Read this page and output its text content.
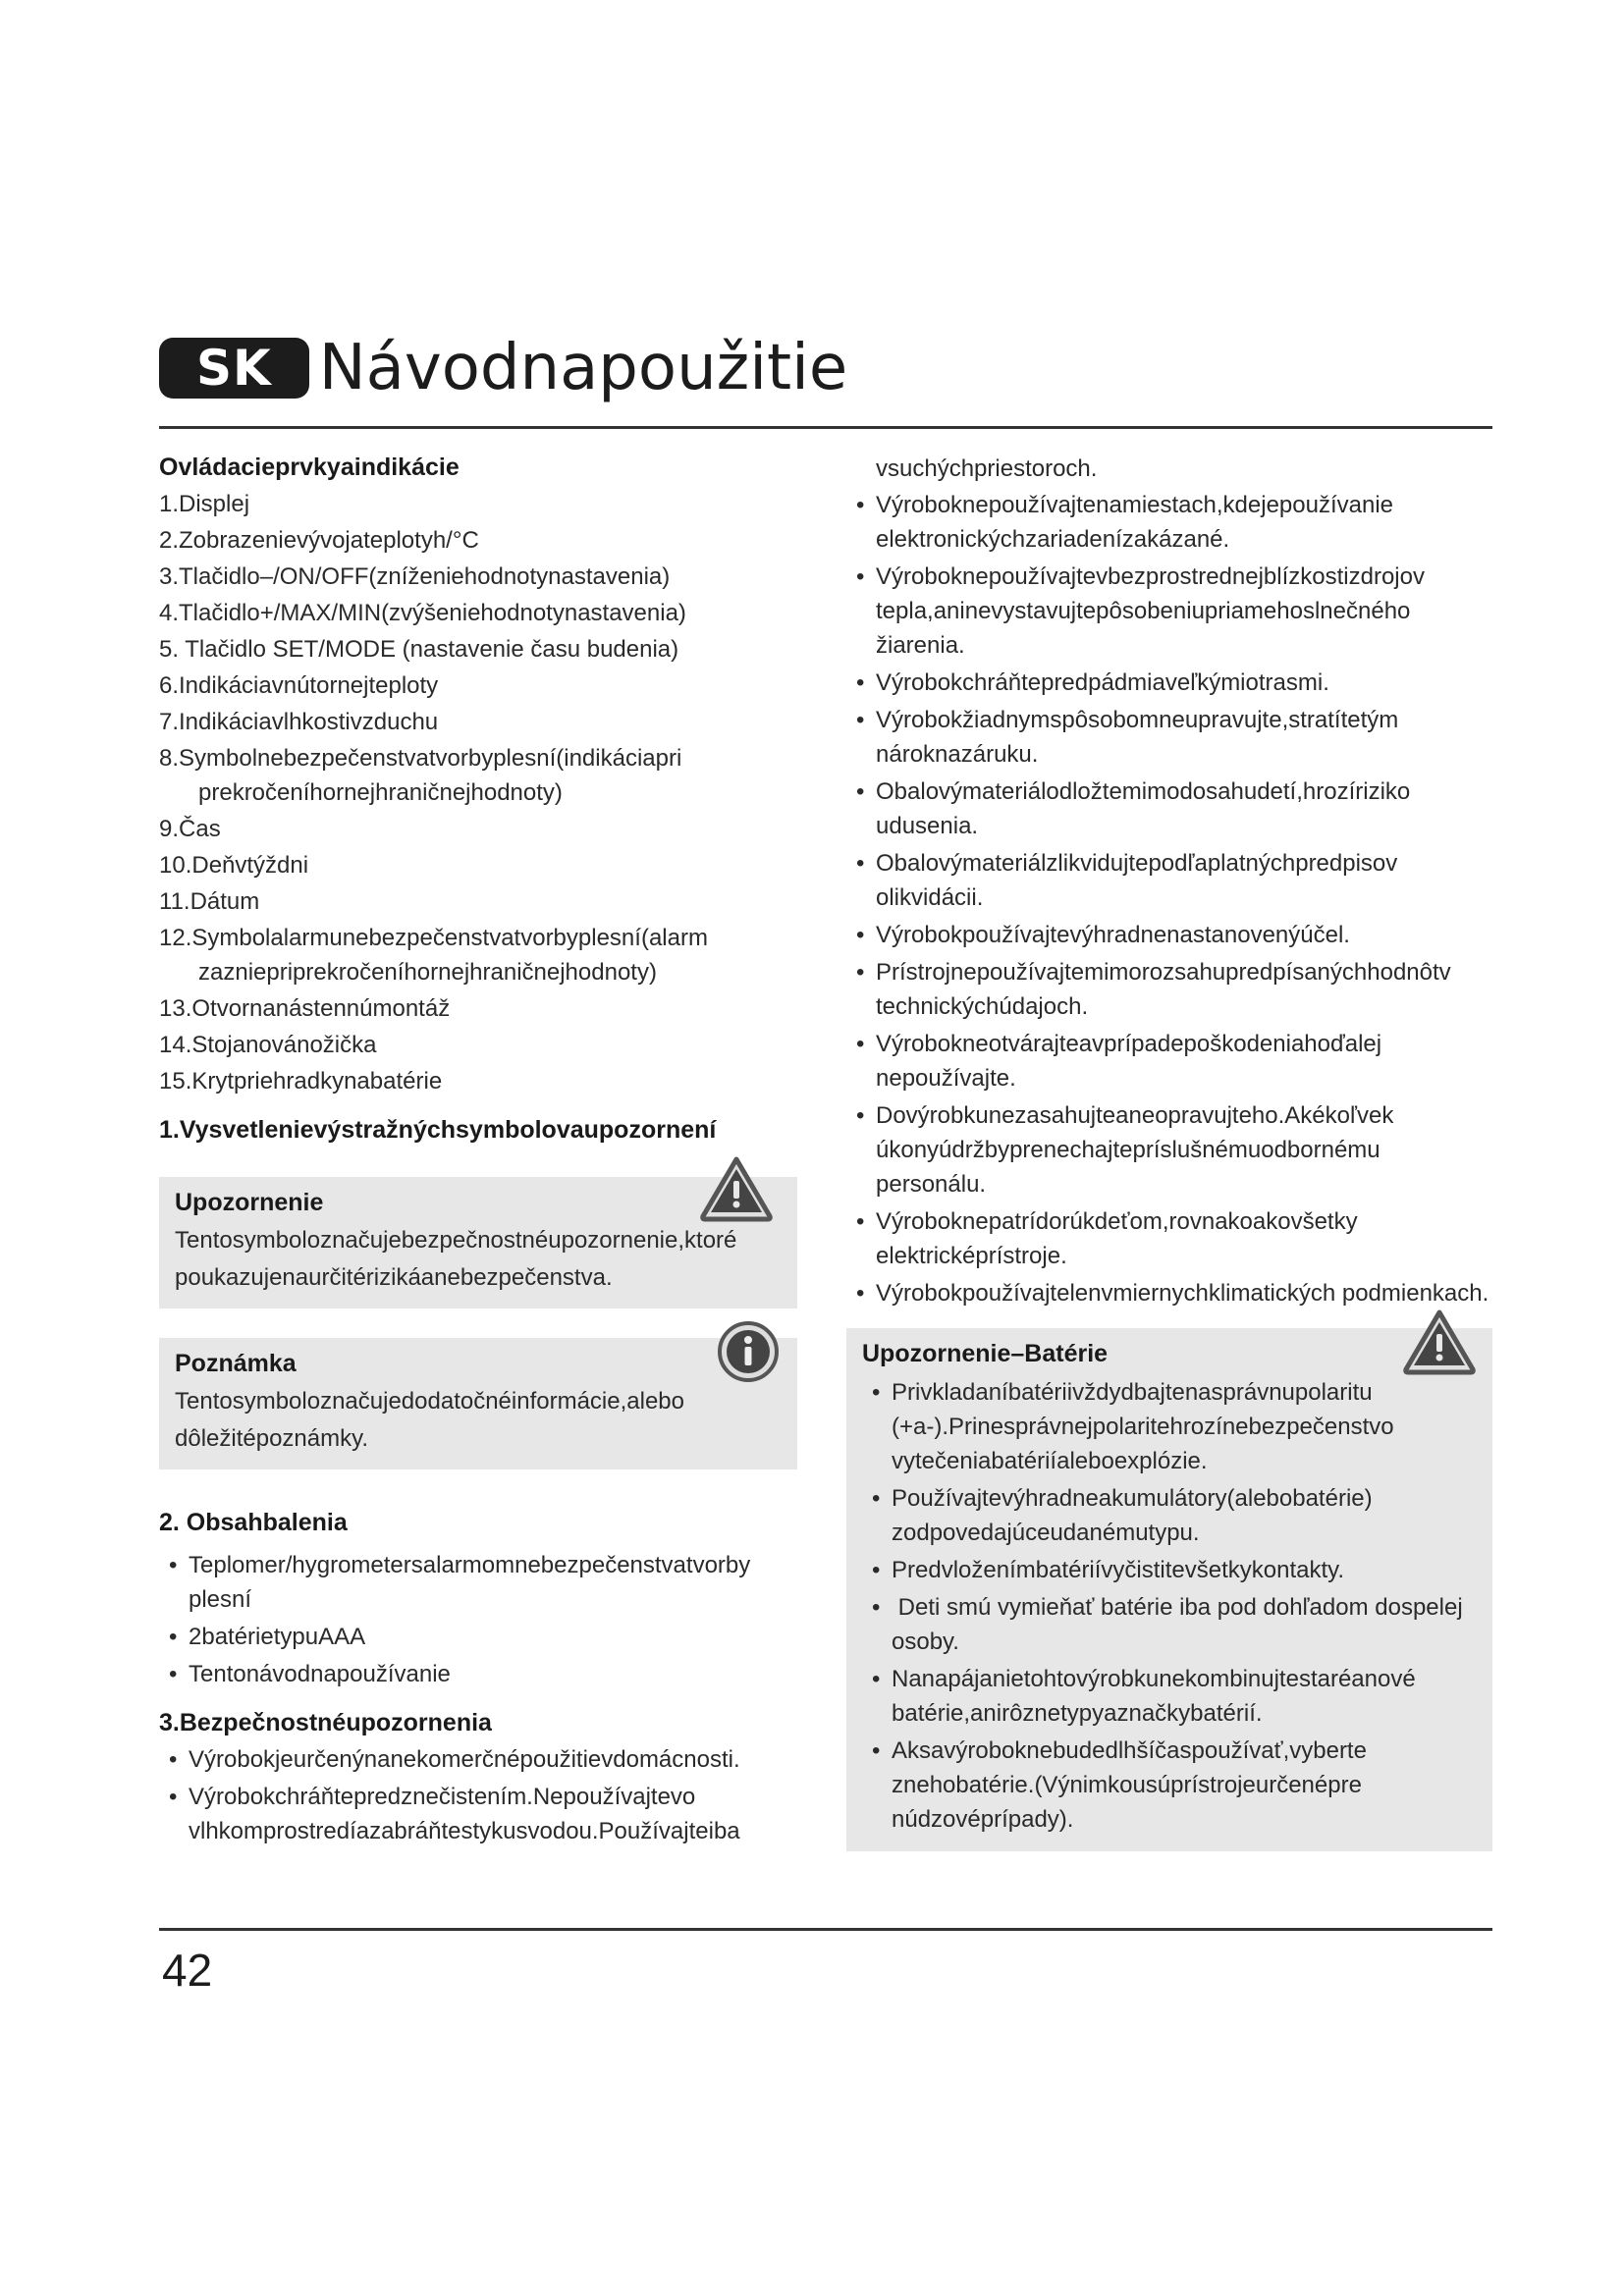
SK Návodnapoužitie
Ovládacieprvkyaindikácie
1.Displej
2.Zobrazenievývojateplotyh/°C
3.Tlačidlo–/ON/OFF(zníženiehodnotynastavenia)
4.Tlačidlo+/MAX/MIN(zvýšeniehodnotynastavenia)
5. Tlačidlo SET/MODE (nastavenie času budenia)
6.Indikáciavnútornejteploty
7.Indikáciavlhkostivzduchu
8.Symbolnebezpečenstvatvorbyplesní(indikáciapri prekročeníhornejhraničnejhodnoty)
9.Čas
10.Deňvtýždni
11.Dátum
12.Symbolalarmunebezpečenstvatvorbyplesní(alarm zazniepriprekročeníhornejhraničnejhodnoty)
13.Otvornanástennúmontáž
14.Stojanovánožička
15.Krytpriehradkynabatérie
1.Vysvetlenievýstražnýchsymbolovaupozornení
Upozornenie
Tentosymboloznačujebezpečnostnéupozornenie,ktoré poukazujenaurčitérizikáanebezpečenstva.
Poznámka
Tentosymboloznačujedodatočnéinformácie,alebo dôležitépoznámky.
2. Obsahbalenia
• Teplomer/hygrometersalarmomnebezpečenstvatvorby plesní
• 2batérietypuAAA
• Tentonávodnapoužívanie
3.Bezpečnostnéupozornenia
• Výrobokjeurčenýnanekomerčnépoužitievdomácnosti.
• Výrobokchráňtepredznečistením.Nepoužívajtevo vlhkomprostredíazabráňtestykusvodou.Používajteiba
vsuchýchpriestoroch.
• Výrobokn​epoužívajtenamiestach,kdejepoužívanie elektronickýchzariadenízakázané.
• Výrobokn​epoužívajtevbezprostrednejblízkostizdrojov tepla,aninevystavujtepôsobeniupriamehoslnečného žiarenia.
• Výrobokchráňtepredpádmiaveľkýmiotrasmi.
• Výrobokžiadnymspôsobomneupravujte,stratítetým nároknazáruku.
• Obalovýmateriálodložtemimodosahudetí,hrozíriziko udusenia.
• Obalovýmateriálzlikvidujtepodľaplatnýchpredpisov olikvidácii.
• Výrobokpoužívajtevýhradnenastanovenýúčel.
• Prístrojnepoužívajtemimorozsahupredpísanýchhodnôtv technickýchúdajoch.
• Výrobokneotvárajteavprípadepoškodeniahoďalej nepoužívajte.
• Dovýrobkunezasahujteaneopravujteho.Akékoľvek úkonyúdržbyprenechajtepríslušnémuodbornému personálu.
• Výrobokn​epatrídorúkdeťom,rovnakoakovšetky elektricképrístroje.
• Výrobokpoužívajtelenvmiernychklimatických podmienkach.
Upozornenie–Batérie
• Privkladaníbatériivždydbajtenasprávnupolaritu (+a-).Prinesprávnejpolaritehrozínebezpečenstvo vytečeniabatériíaleboexplózie.
• Používajtevýhradneakumulátory(alebobatérie) zodpovedajúceudanémutypu.
• Predvloženímbatériívyčistitevšetkykontakty.
• Deti smú vymieňať batérie iba pod dohľadom dospelej osoby.
• Nanapájanietohtovýrobkunekombinujtestaréanové batérie,anirôznetypyaznačkybatérií.
• Aksavýroboknebudedlhšíčaspoužívať,vyberte znehobatérie.(Výnimkousúprístrojeurčenépre núdzovéprípady).
42
